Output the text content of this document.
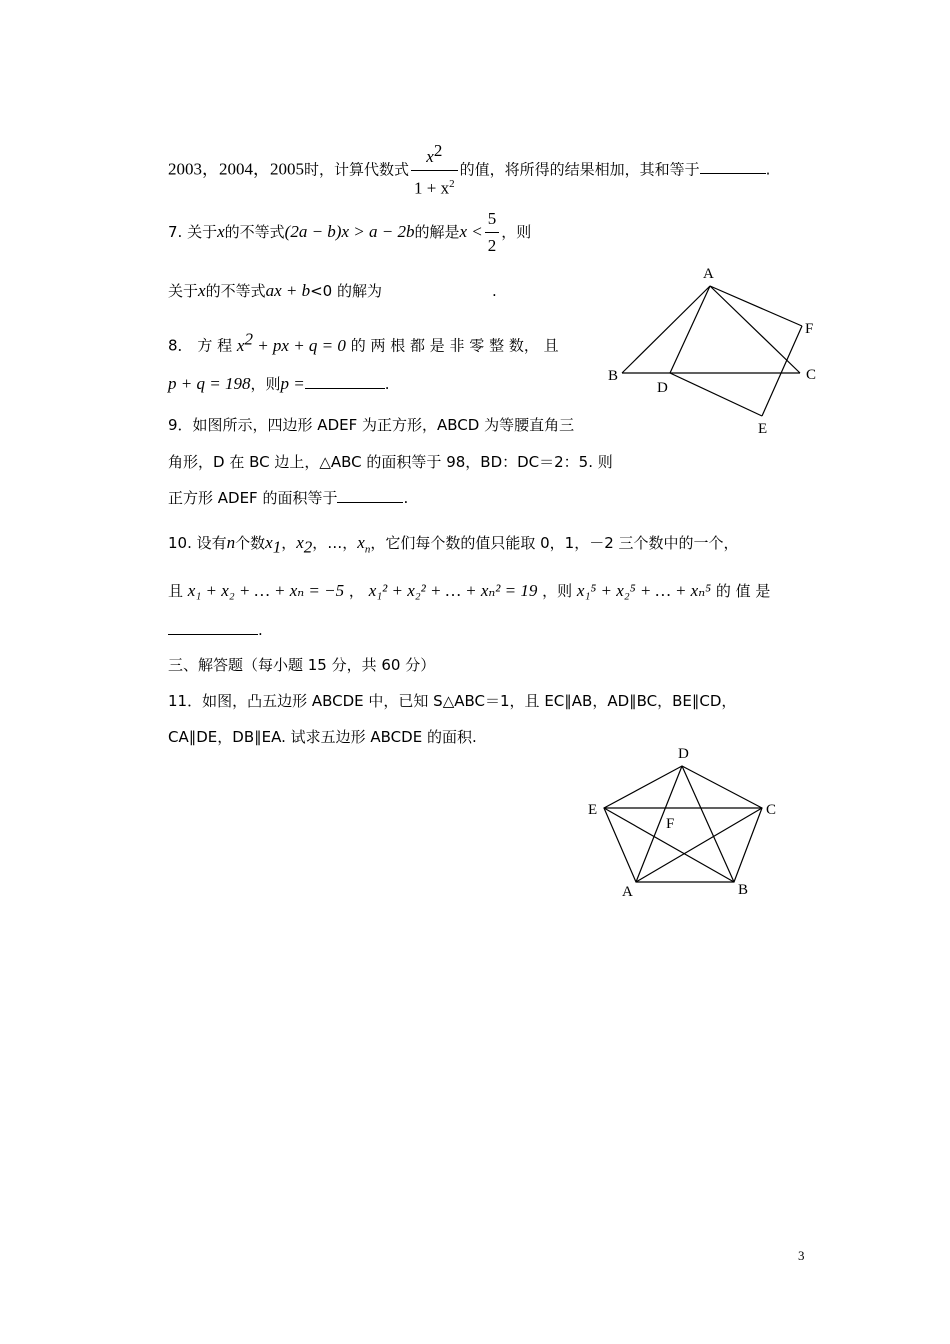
2003，2004，2005时，计算代数式 $\frac{x^2}{1 + x^2}$ 的值，将所得的结果相加，其和等于	.
7. 关于x的不等式(2a − b)x > a − 2b的解是$x < \frac{5}{2}$ ，则
关于x的不等式ax + b<0 的解为	.
8． 方 程 $x^2$ + px + q = 0 的 两 根 都 是 非 零 整 数， 且
p + q = 198，则p =	.
9．如图所示，四边形 ADEF 为正方形，ABCD 为等腰直角三
角形，D 在 BC 边上，△ABC 的面积等于 98，BD：DC＝2：5. 则
正方形 ADEF 的面积等于	.
A
B
D
C
F
E
10. 设有n个数$x_1$，$x_2$，…，$x_n$，它们每个数的值只能取 0，1，－2 三个数中的一个，
且 x₁ + x₂ + … + xₙ = −5 ， x₁² + x₂² + … + xₙ² = 19 ，则 x₁⁵ + x₂⁵ + … + xₙ⁵ 的 值 是
.
三、解答题（每小题 15 分，共 60 分）
11．如图，凸五边形 ABCDE 中，已知 S△ABC＝1，且 EC∥AB，AD∥BC，BE∥CD，
CA∥DE，DB∥EA. 试求五边形 ABCDE 的面积.
D
E	C
F
A	B
3
